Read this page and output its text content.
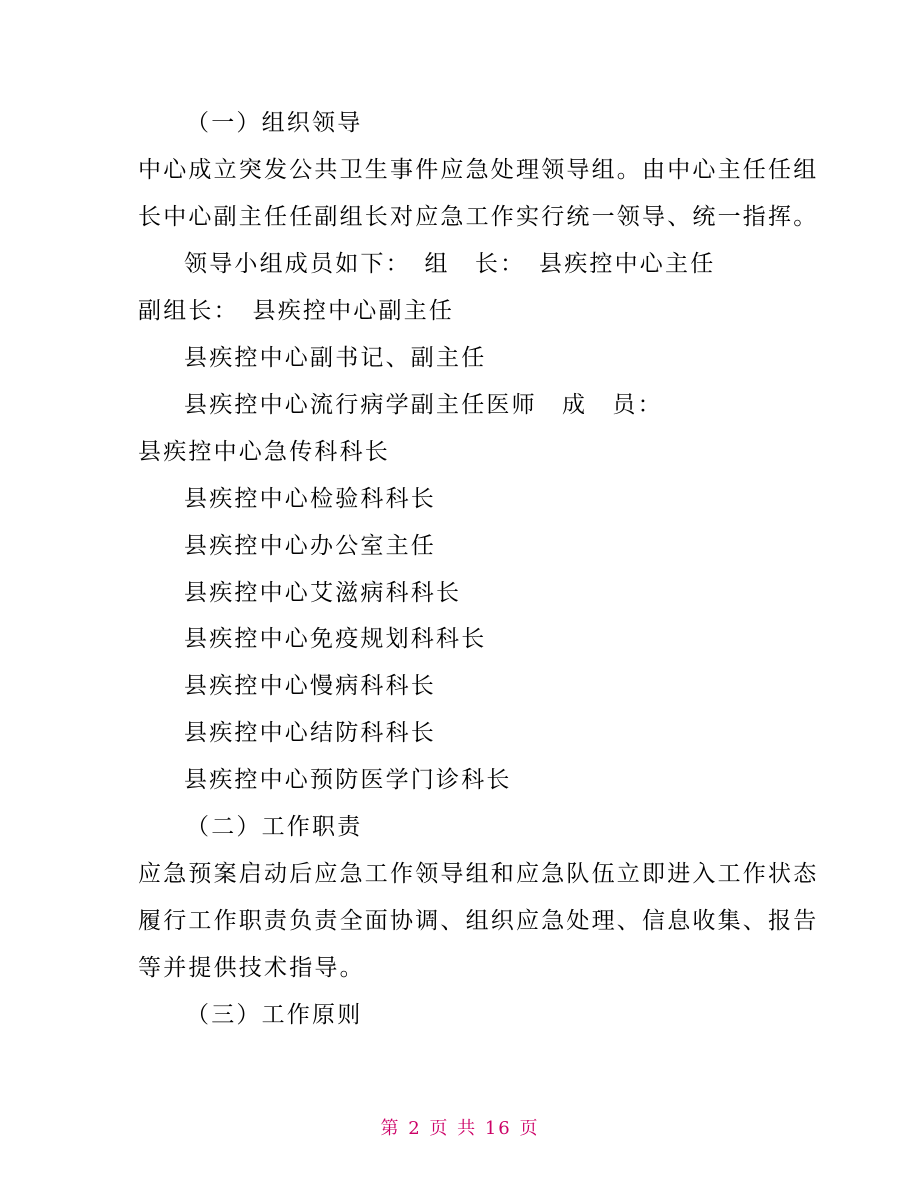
（一）组织领导
中心成立突发公共卫生事件应急处理领导组。由中心主任任组
长中心副主任任副组长对应急工作实行统一领导、统一指挥。
领导小组成员如下：　组　长：　县疾控中心主任
副组长：　县疾控中心副主任
县疾控中心副书记、副主任
县疾控中心流行病学副主任医师　成　员：
县疾控中心急传科科长
县疾控中心检验科科长
县疾控中心办公室主任
县疾控中心艾滋病科科长
县疾控中心免疫规划科科长
县疾控中心慢病科科长
县疾控中心结防科科长
县疾控中心预防医学门诊科长
（二）工作职责
应急预案启动后应急工作领导组和应急队伍立即进入工作状态
履行工作职责负责全面协调、组织应急处理、信息收集、报告
等并提供技术指导。
（三）工作原则
第 2 页 共 16 页
